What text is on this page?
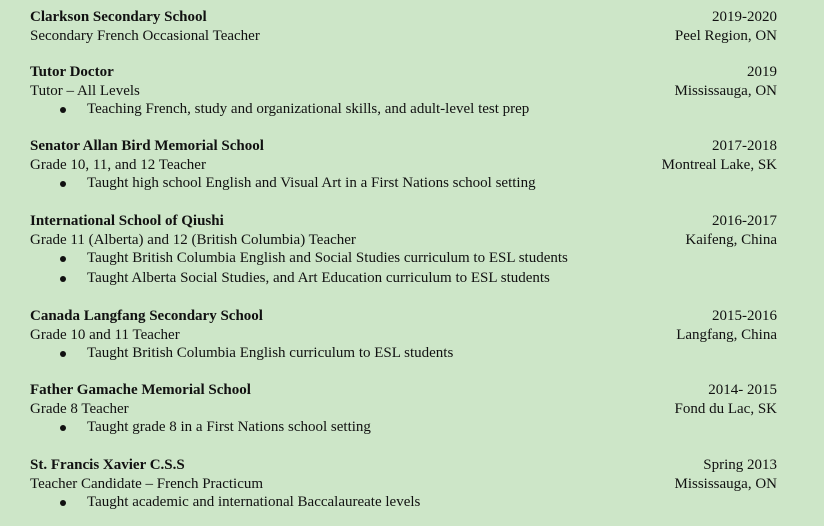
Clarkson Secondary School	2019-2020
Secondary French Occasional Teacher	Peel Region, ON
Tutor Doctor	2019
Tutor – All Levels	Mississauga, ON
Teaching French, study and organizational skills, and adult-level test prep
Senator Allan Bird Memorial School	2017-2018
Grade 10, 11, and 12 Teacher	Montreal Lake, SK
Taught high school English and Visual Art in a First Nations school setting
International School of Qiushi	2016-2017
Grade 11 (Alberta) and 12 (British Columbia) Teacher	Kaifeng, China
Taught British Columbia English and Social Studies curriculum to ESL students
Taught Alberta Social Studies, and Art Education curriculum to ESL students
Canada Langfang Secondary School	2015-2016
Grade 10 and 11 Teacher	Langfang, China
Taught British Columbia English curriculum to ESL students
Father Gamache Memorial School	2014- 2015
Grade 8 Teacher	Fond du Lac, SK
Taught grade 8 in a First Nations school setting
St. Francis Xavier C.S.S	Spring 2013
Teacher Candidate – French Practicum	Mississauga, ON
Taught academic and international Baccalaureate levels
